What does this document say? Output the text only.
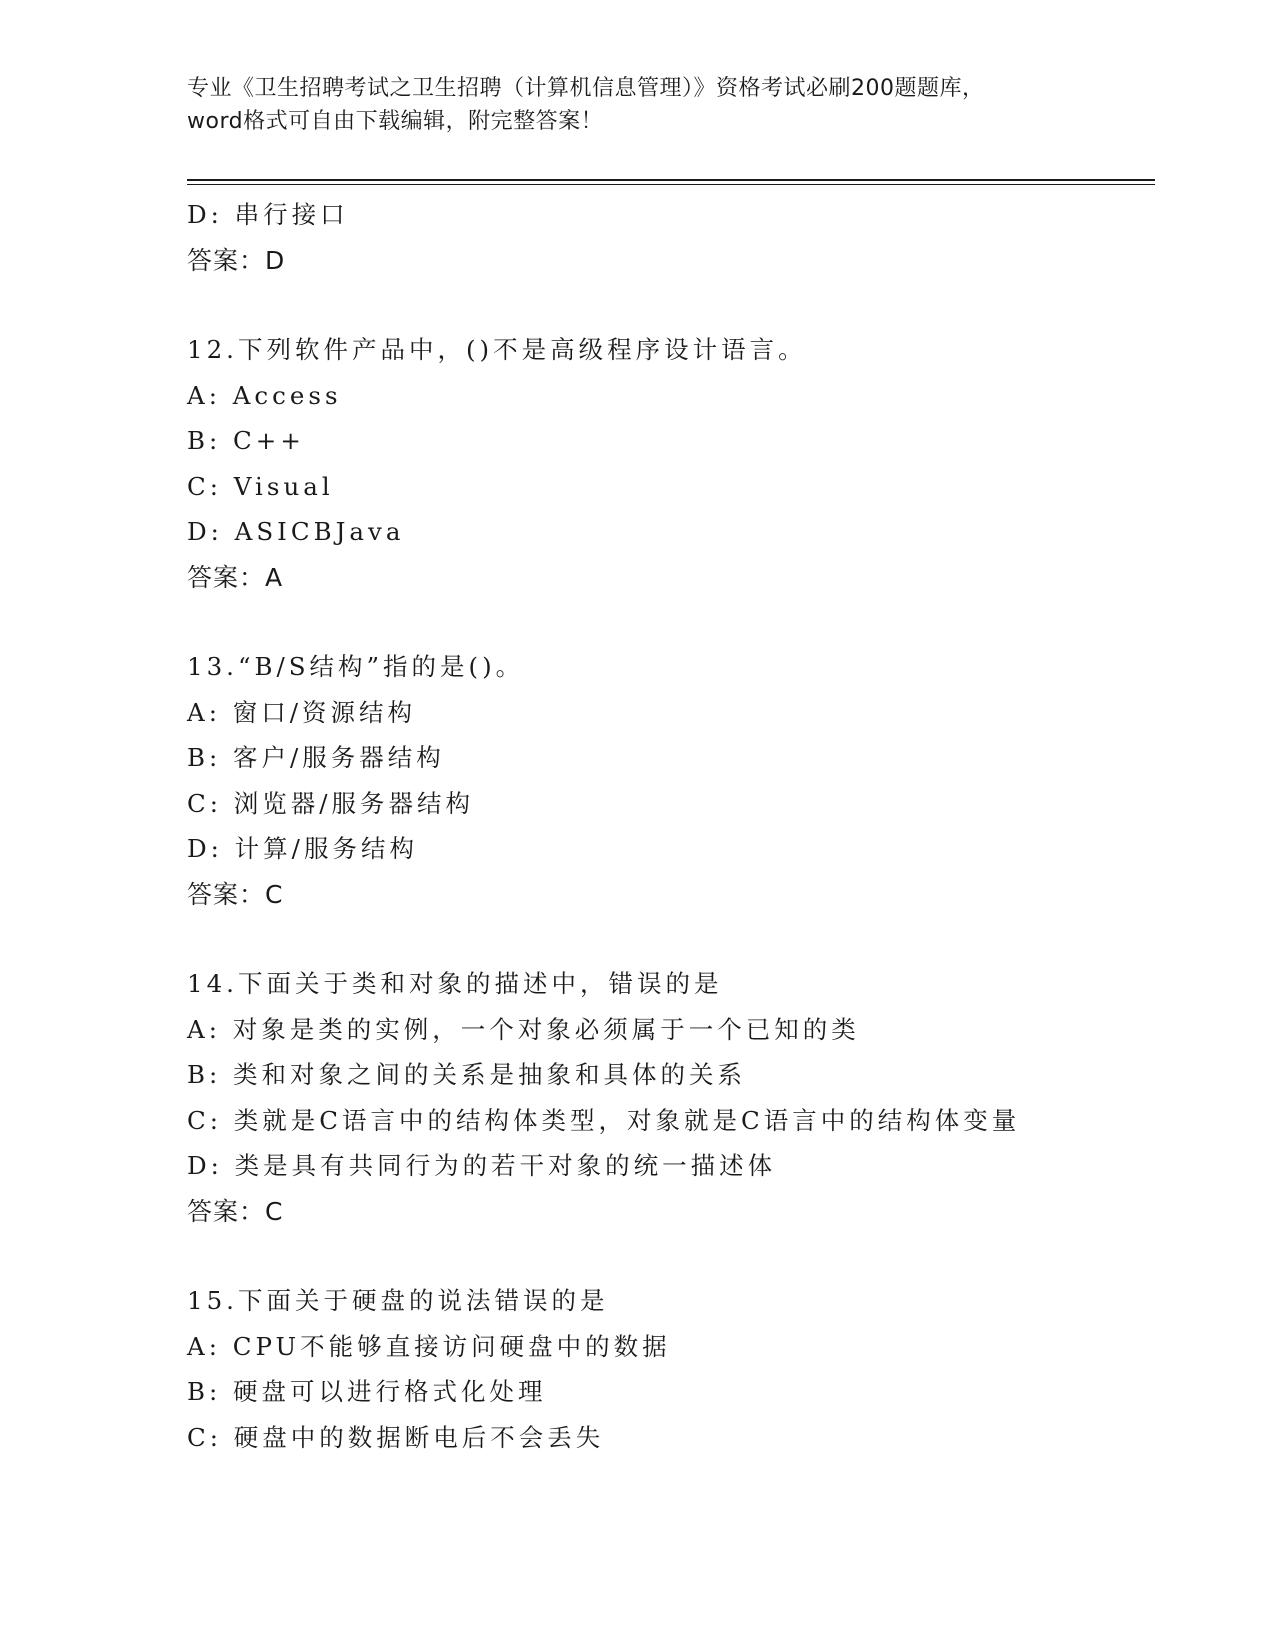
专业《卫生招聘考试之卫生招聘（计算机信息管理）》资格考试必刷200题题库，
word格式可自由下载编辑，附完整答案！
D: 串行接口
答案：D
12.下列软件产品中，()不是高级程序设计语言。
A: Access
B: C++
C: Visual
D: ASICBJava
答案：A
13.“B/S结构”指的是()。
A: 窗口/资源结构
B: 客户/服务器结构
C: 浏览器/服务器结构
D: 计算/服务结构
答案：C
14.下面关于类和对象的描述中，错误的是
A: 对象是类的实例，一个对象必须属于一个已知的类
B: 类和对象之间的关系是抽象和具体的关系
C: 类就是C语言中的结构体类型，对象就是C语言中的结构体变量
D: 类是具有共同行为的若干对象的统一描述体
答案：C
15.下面关于硬盘的说法错误的是
A: CPU不能够直接访问硬盘中的数据
B: 硬盘可以进行格式化处理
C: 硬盘中的数据断电后不会丢失
